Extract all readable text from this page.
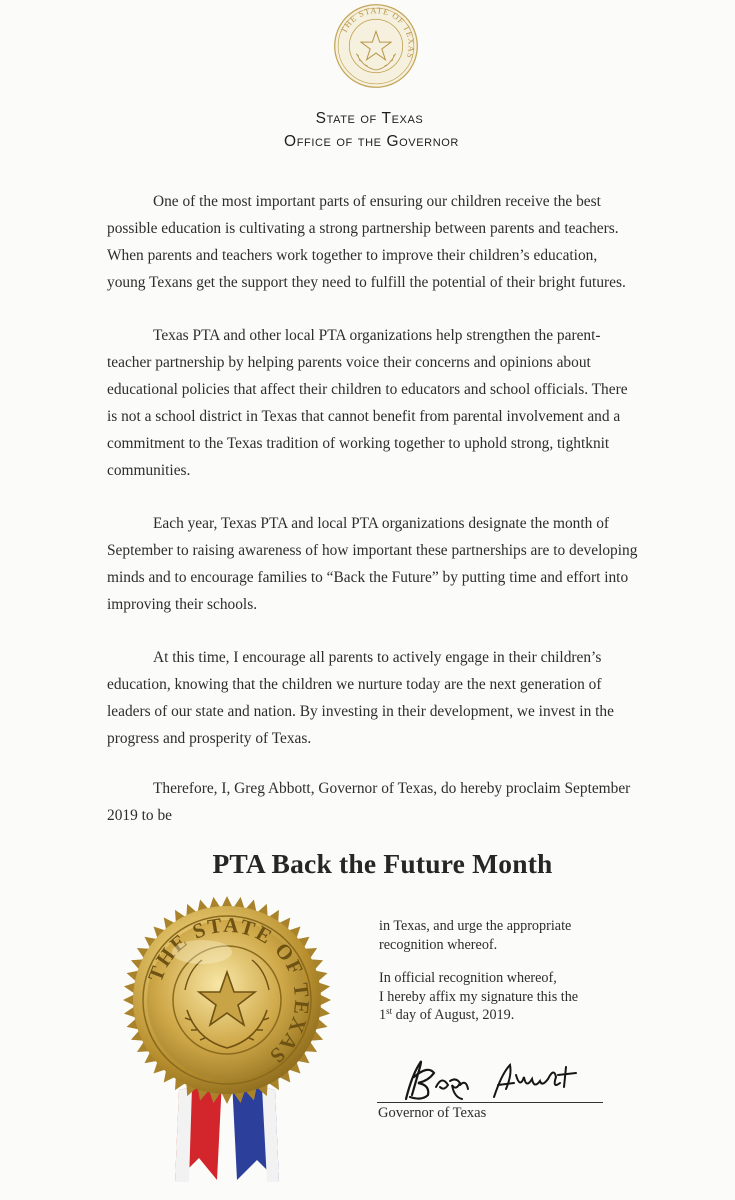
THE STATE OF TEXAS
State of Texas
Office of the Governor
One of the most important parts of ensuring our children receive the best
possible education is cultivating a strong partnership between parents and teachers.
When parents and teachers work together to improve their children’s education,
young Texans get the support they need to fulfill the potential of their bright futures.
Texas PTA and other local PTA organizations help strengthen the parent-
teacher partnership by helping parents voice their concerns and opinions about
educational policies that affect their children to educators and school officials. There
is not a school district in Texas that cannot benefit from parental involvement and a
commitment to the Texas tradition of working together to uphold strong, tightknit
communities.
Each year, Texas PTA and local PTA organizations designate the month of
September to raising awareness of how important these partnerships are to developing
minds and to encourage families to “Back the Future” by putting time and effort into
improving their schools.
At this time, I encourage all parents to actively engage in their children’s
education, knowing that the children we nurture today are the next generation of
leaders of our state and nation. By investing in their development, we invest in the
progress and prosperity of Texas.
Therefore, I, Greg Abbott, Governor of Texas, do hereby proclaim September
2019 to be
PTA Back the Future Month
THE STATE OF TEXAS
in Texas, and urge the appropriate
recognition whereof.
In official recognition whereof,
I hereby affix my signature this the
1st day of August, 2019.
Governor of Texas
